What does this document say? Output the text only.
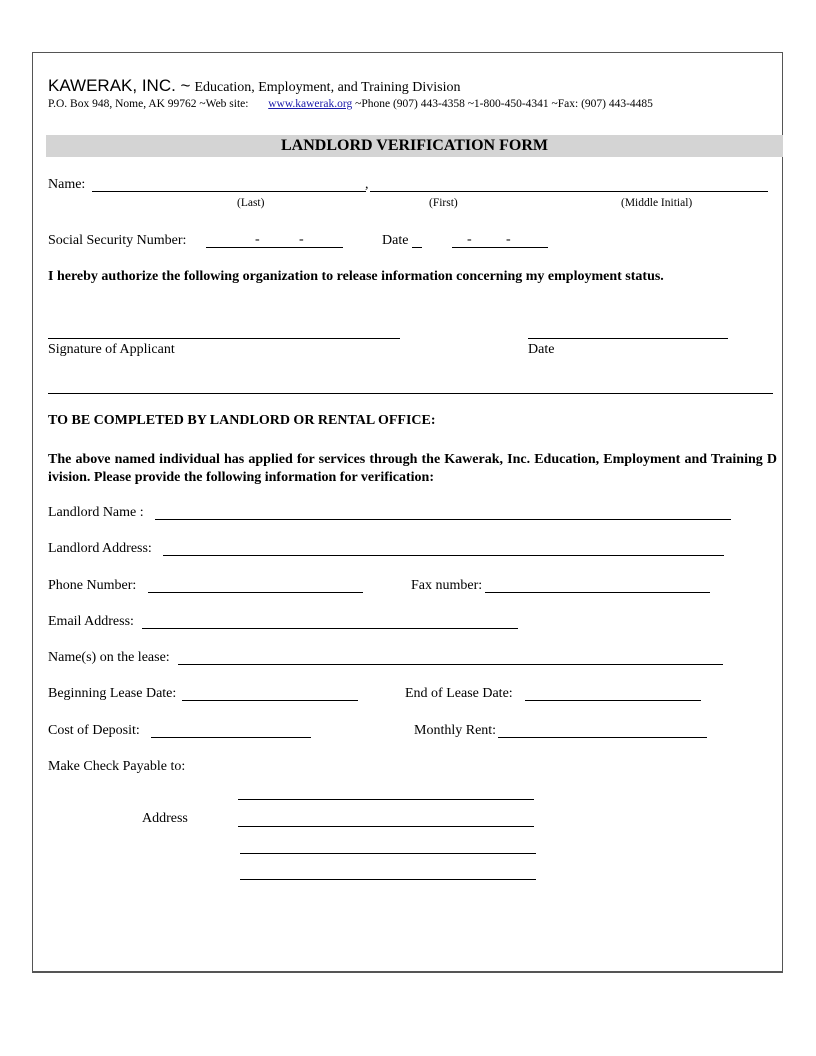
KAWERAK, INC. ~ Education, Employment, and Training Division
P.O. Box 948, Nome, AK 99762 ~Web site: www.kawerak.org ~Phone (907) 443-4358 ~1-800-450-4341 ~Fax: (907) 443-4485
LANDLORD VERIFICATION FORM
Name:	,
(Last)	(First)	(Middle Initial)
Social Security Number:	-	-	Date	- -
I hereby authorize the following organization to release information concerning my employment status.
Signature of Applicant	Date
TO BE COMPLETED BY LANDLORD OR RENTAL OFFICE:
The above named individual has applied for services through the Kawerak, Inc. Education, Employment and Training D ivision. Please provide the following information for verification:
Landlord Name :
Landlord Address:
Phone Number:	Fax number:
Email Address:
Name(s) on the lease:
Beginning Lease Date:	End of Lease Date:
Cost of Deposit:	Monthly Rent:
Make Check Payable to:
Address
